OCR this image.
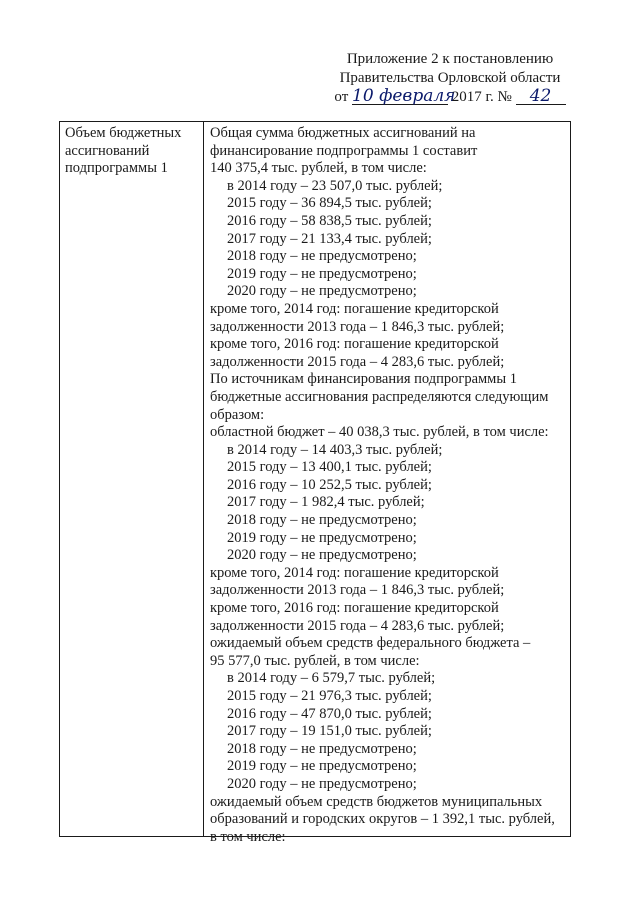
Приложение 2 к постановлению
Правительства Орловской области
от 10 февраля 2017 г. № 42
Объем бюджетных
ассигнований
подпрограммы 1
Общая сумма бюджетных ассигнований на
финансирование подпрограммы 1 составит
140 375,4 тыс. рублей, в том числе:
в 2014 году – 23 507,0 тыс. рублей;
2015 году – 36 894,5 тыс. рублей;
2016 году – 58 838,5 тыс. рублей;
2017 году – 21 133,4 тыс. рублей;
2018 году – не предусмотрено;
2019 году – не предусмотрено;
2020 году – не предусмотрено;
кроме того, 2014 год: погашение кредиторской
задолженности 2013 года – 1 846,3 тыс. рублей;
кроме того, 2016 год: погашение кредиторской
задолженности 2015 года – 4 283,6 тыс. рублей;
По источникам финансирования подпрограммы 1
бюджетные ассигнования распределяются следующим
образом:
областной бюджет – 40 038,3 тыс. рублей, в том числе:
в 2014 году – 14 403,3 тыс. рублей;
2015 году – 13 400,1 тыс. рублей;
2016 году – 10 252,5 тыс. рублей;
2017 году – 1 982,4 тыс. рублей;
2018 году – не предусмотрено;
2019 году – не предусмотрено;
2020 году – не предусмотрено;
кроме того, 2014 год: погашение кредиторской
задолженности 2013 года – 1 846,3 тыс. рублей;
кроме того, 2016 год: погашение кредиторской
задолженности 2015 года – 4 283,6 тыс. рублей;
ожидаемый объем средств федерального бюджета –
95 577,0 тыс. рублей, в том числе:
в 2014 году – 6 579,7 тыс. рублей;
2015 году – 21 976,3 тыс. рублей;
2016 году – 47 870,0 тыс. рублей;
2017 году – 19 151,0 тыс. рублей;
2018 году – не предусмотрено;
2019 году – не предусмотрено;
2020 году – не предусмотрено;
ожидаемый объем средств бюджетов муниципальных
образований и городских округов – 1 392,1 тыс. рублей,
в том числе:
